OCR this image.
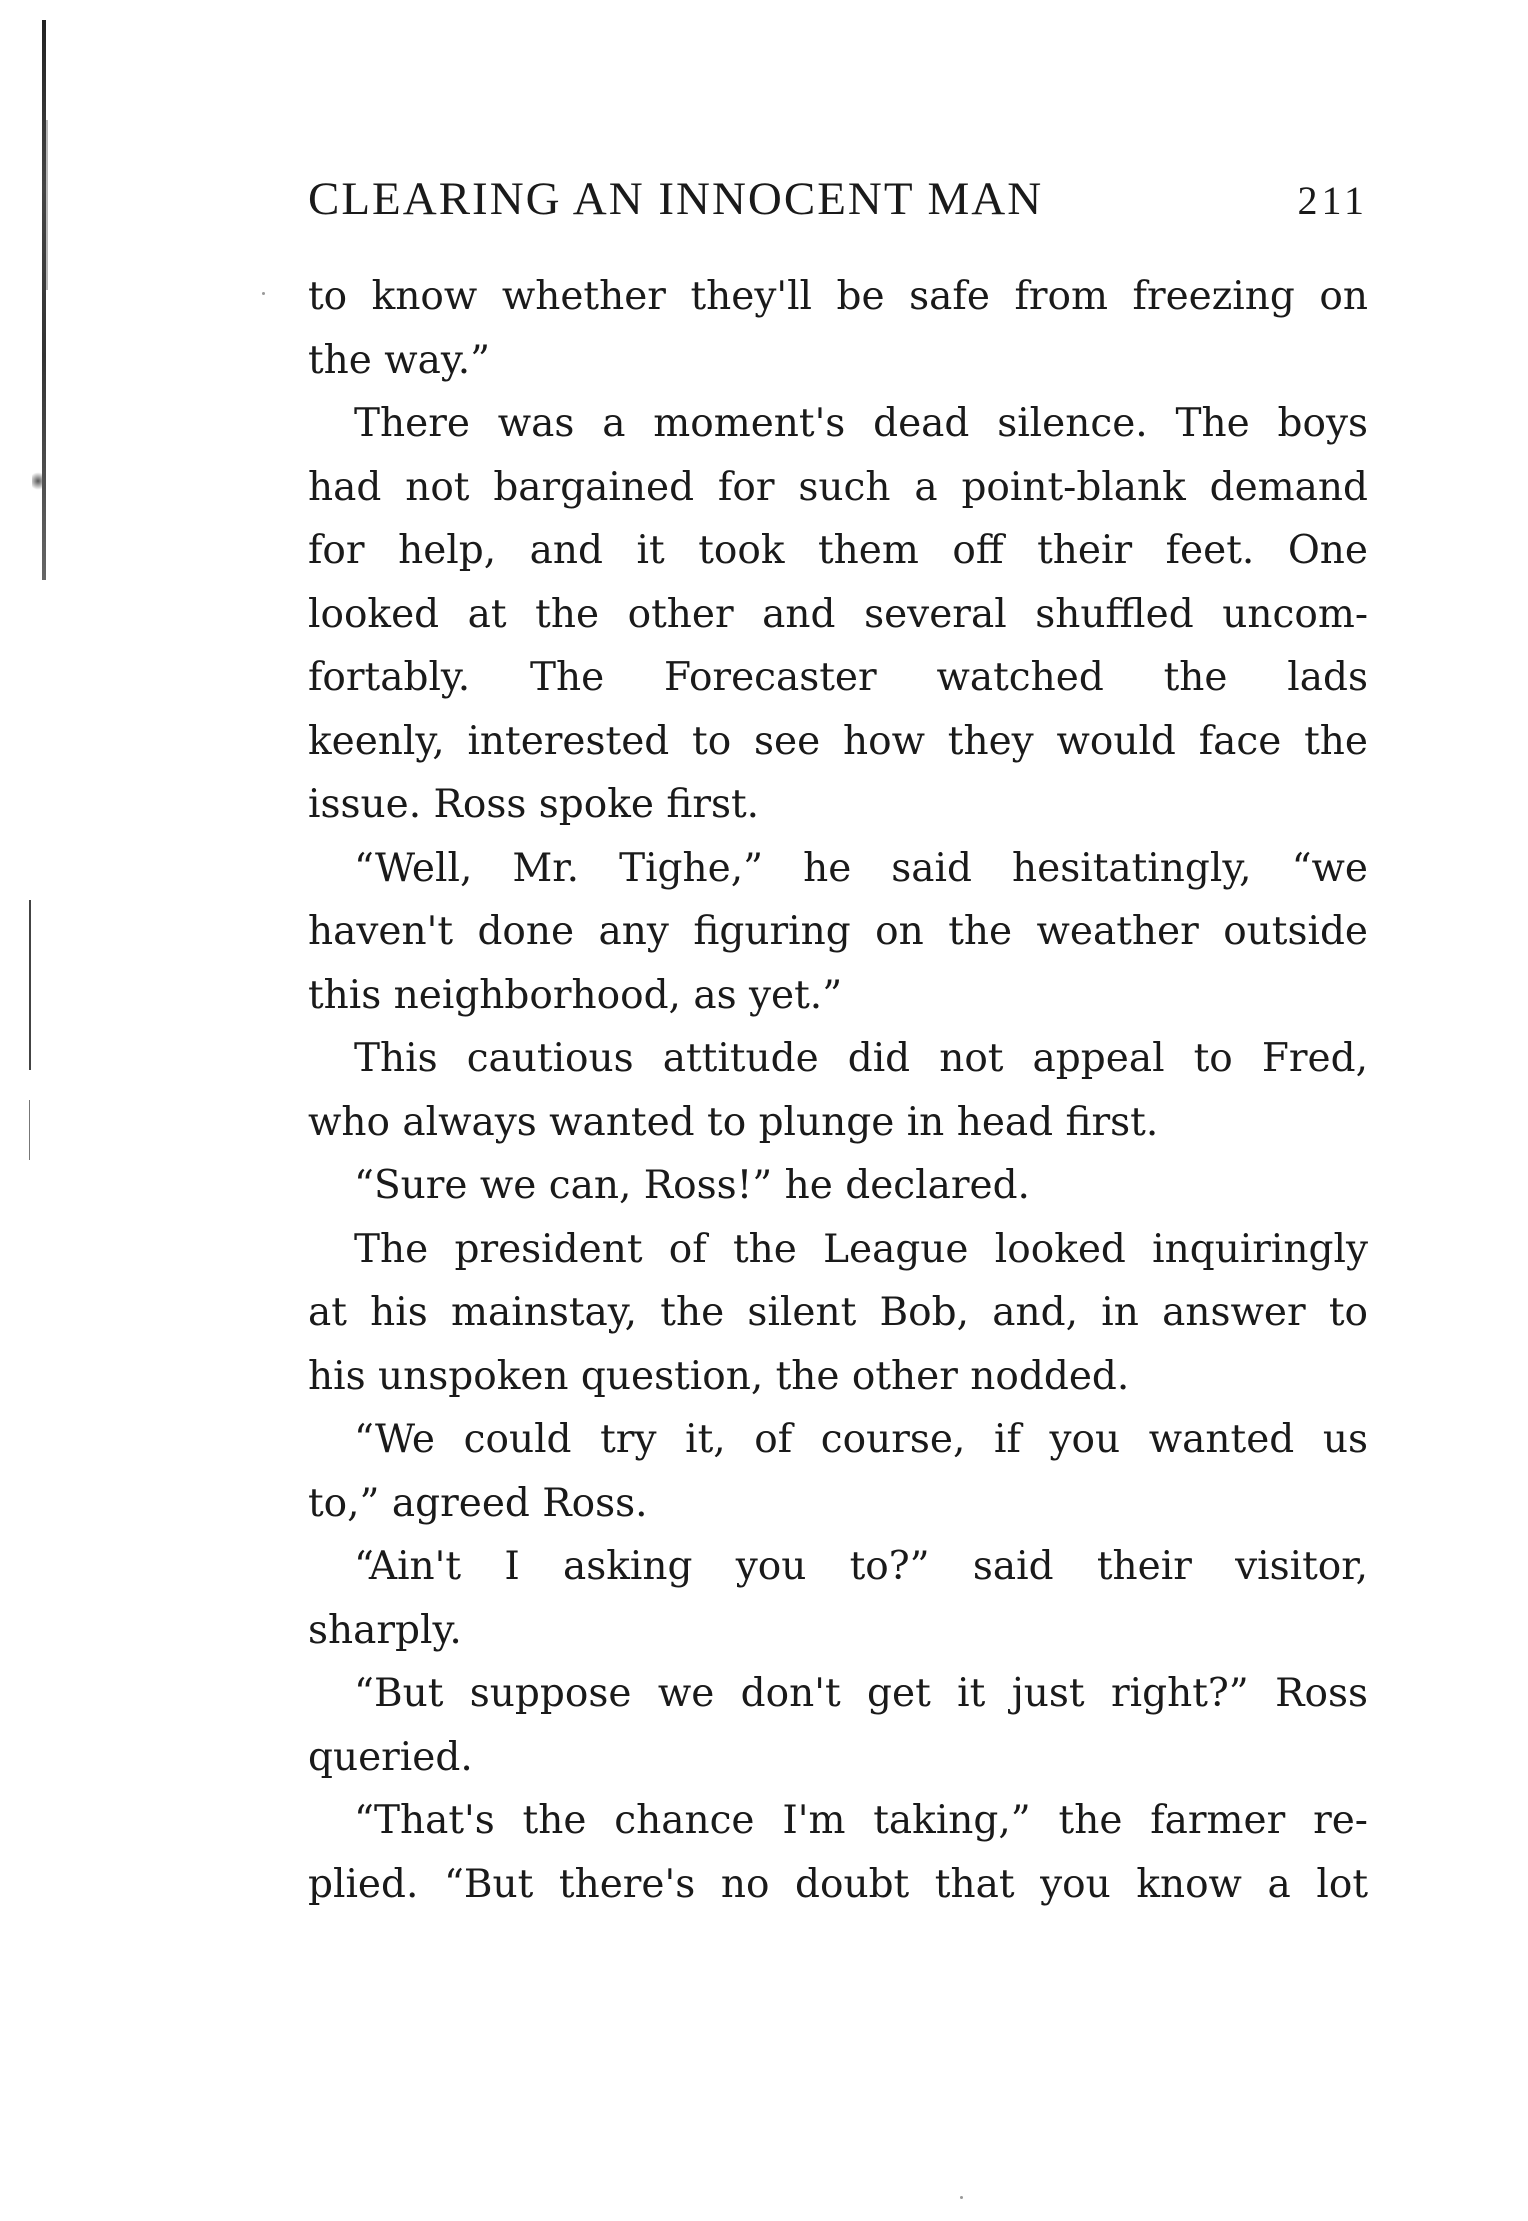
CLEARING AN INNOCENT MAN	211
to know whether they'll be safe from freezing on
the way.”
There was a moment's dead silence. The boys
had not bargained for such a point-blank demand
for help, and it took them off their feet. One
looked at the other and several shuffled uncom-
fortably. The Forecaster watched the lads
keenly, interested to see how they would face the
issue. Ross spoke first.
“Well, Mr. Tighe,” he said hesitatingly, “we
haven't done any figuring on the weather outside
this neighborhood, as yet.”
This cautious attitude did not appeal to Fred,
who always wanted to plunge in head first.
“Sure we can, Ross!” he declared.
The president of the League looked inquiringly
at his mainstay, the silent Bob, and, in answer to
his unspoken question, the other nodded.
“We could try it, of course, if you wanted us
to,” agreed Ross.
“Ain't I asking you to?” said their visitor,
sharply.
“But suppose we don't get it just right?” Ross
queried.
“That's the chance I'm taking,” the farmer re-
plied. “But there's no doubt that you know a lot
